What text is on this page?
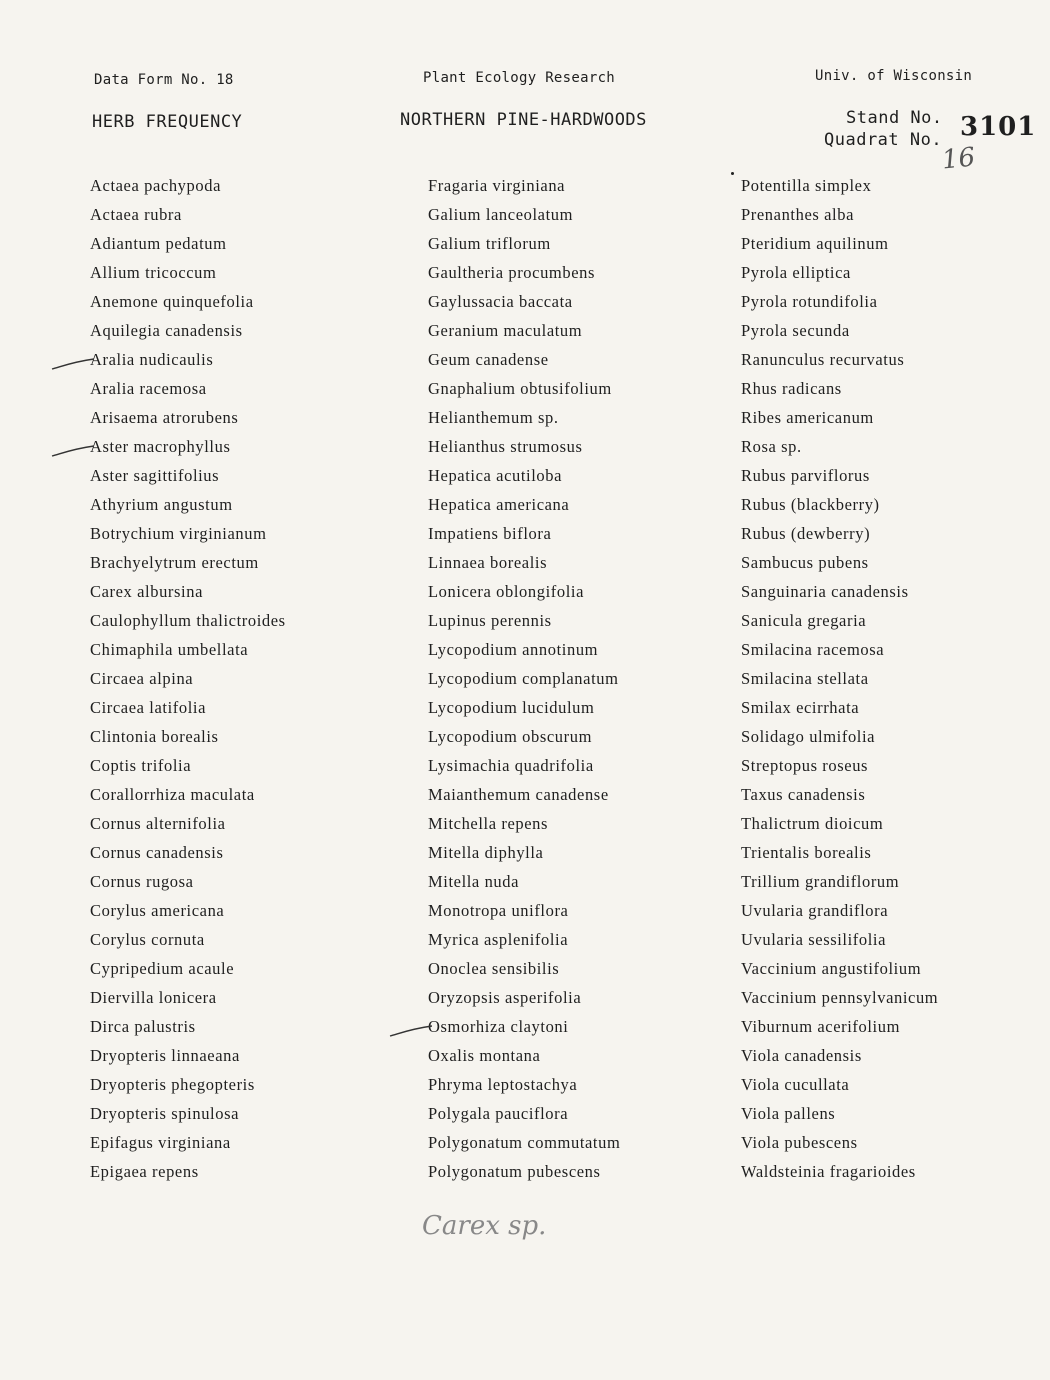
Data Form No. 18	Plant Ecology Research	Univ. of Wisconsin
HERB FREQUENCY	NORTHERN PINE-HARDWOODS	Stand No. 3101
Quadrat No.
16
Actaea pachypoda
Actaea rubra
Adiantum pedatum
Allium tricoccum
Anemone quinquefolia
Aquilegia canadensis
Aralia nudicaulis
Aralia racemosa
Arisaema atrorubens
Aster macrophyllus
Aster sagittifolius
Athyrium angustum
Botrychium virginianum
Brachyelytrum erectum
Carex albursina
Caulophyllum thalictroides
Chimaphila umbellata
Circaea alpina
Circaea latifolia
Clintonia borealis
Coptis trifolia
Corallorrhiza maculata
Cornus alternifolia
Cornus canadensis
Cornus rugosa
Corylus americana
Corylus cornuta
Cypripedium acaule
Diervilla lonicera
Dirca palustris
Dryopteris linnaeana
Dryopteris phegopteris
Dryopteris spinulosa
Epifagus virginiana
Epigaea repens
Fragaria virginiana
Galium lanceolatum
Galium triflorum
Gaultheria procumbens
Gaylussacia baccata
Geranium maculatum
Geum canadense
Gnaphalium obtusifolium
Helianthemum sp.
Helianthus strumosus
Hepatica acutiloba
Hepatica americana
Impatiens biflora
Linnaea borealis
Lonicera oblongifolia
Lupinus perennis
Lycopodium annotinum
Lycopodium complanatum
Lycopodium lucidulum
Lycopodium obscurum
Lysimachia quadrifolia
Maianthemum canadense
Mitchella repens
Mitella diphylla
Mitella nuda
Monotropa uniflora
Myrica asplenifolia
Onoclea sensibilis
Oryzopsis asperifolia
Osmorhiza claytoni
Oxalis montana
Phryma leptostachya
Polygala pauciflora
Polygonatum commutatum
Polygonatum pubescens
Potentilla simplex
Prenanthes alba
Pteridium aquilinum
Pyrola elliptica
Pyrola rotundifolia
Pyrola secunda
Ranunculus recurvatus
Rhus radicans
Ribes americanum
Rosa sp.
Rubus parviflorus
Rubus (blackberry)
Rubus (dewberry)
Sambucus pubens
Sanguinaria canadensis
Sanicula gregaria
Smilacina racemosa
Smilacina stellata
Smilax ecirrhata
Solidago ulmifolia
Streptopus roseus
Taxus canadensis
Thalictrum dioicum
Trientalis borealis
Trillium grandiflorum
Uvularia grandiflora
Uvularia sessilifolia
Vaccinium angustifolium
Vaccinium pennsylvanicum
Viburnum acerifolium
Viola canadensis
Viola cucullata
Viola pallens
Viola pubescens
Waldsteinia fragarioides
Carex sp.
